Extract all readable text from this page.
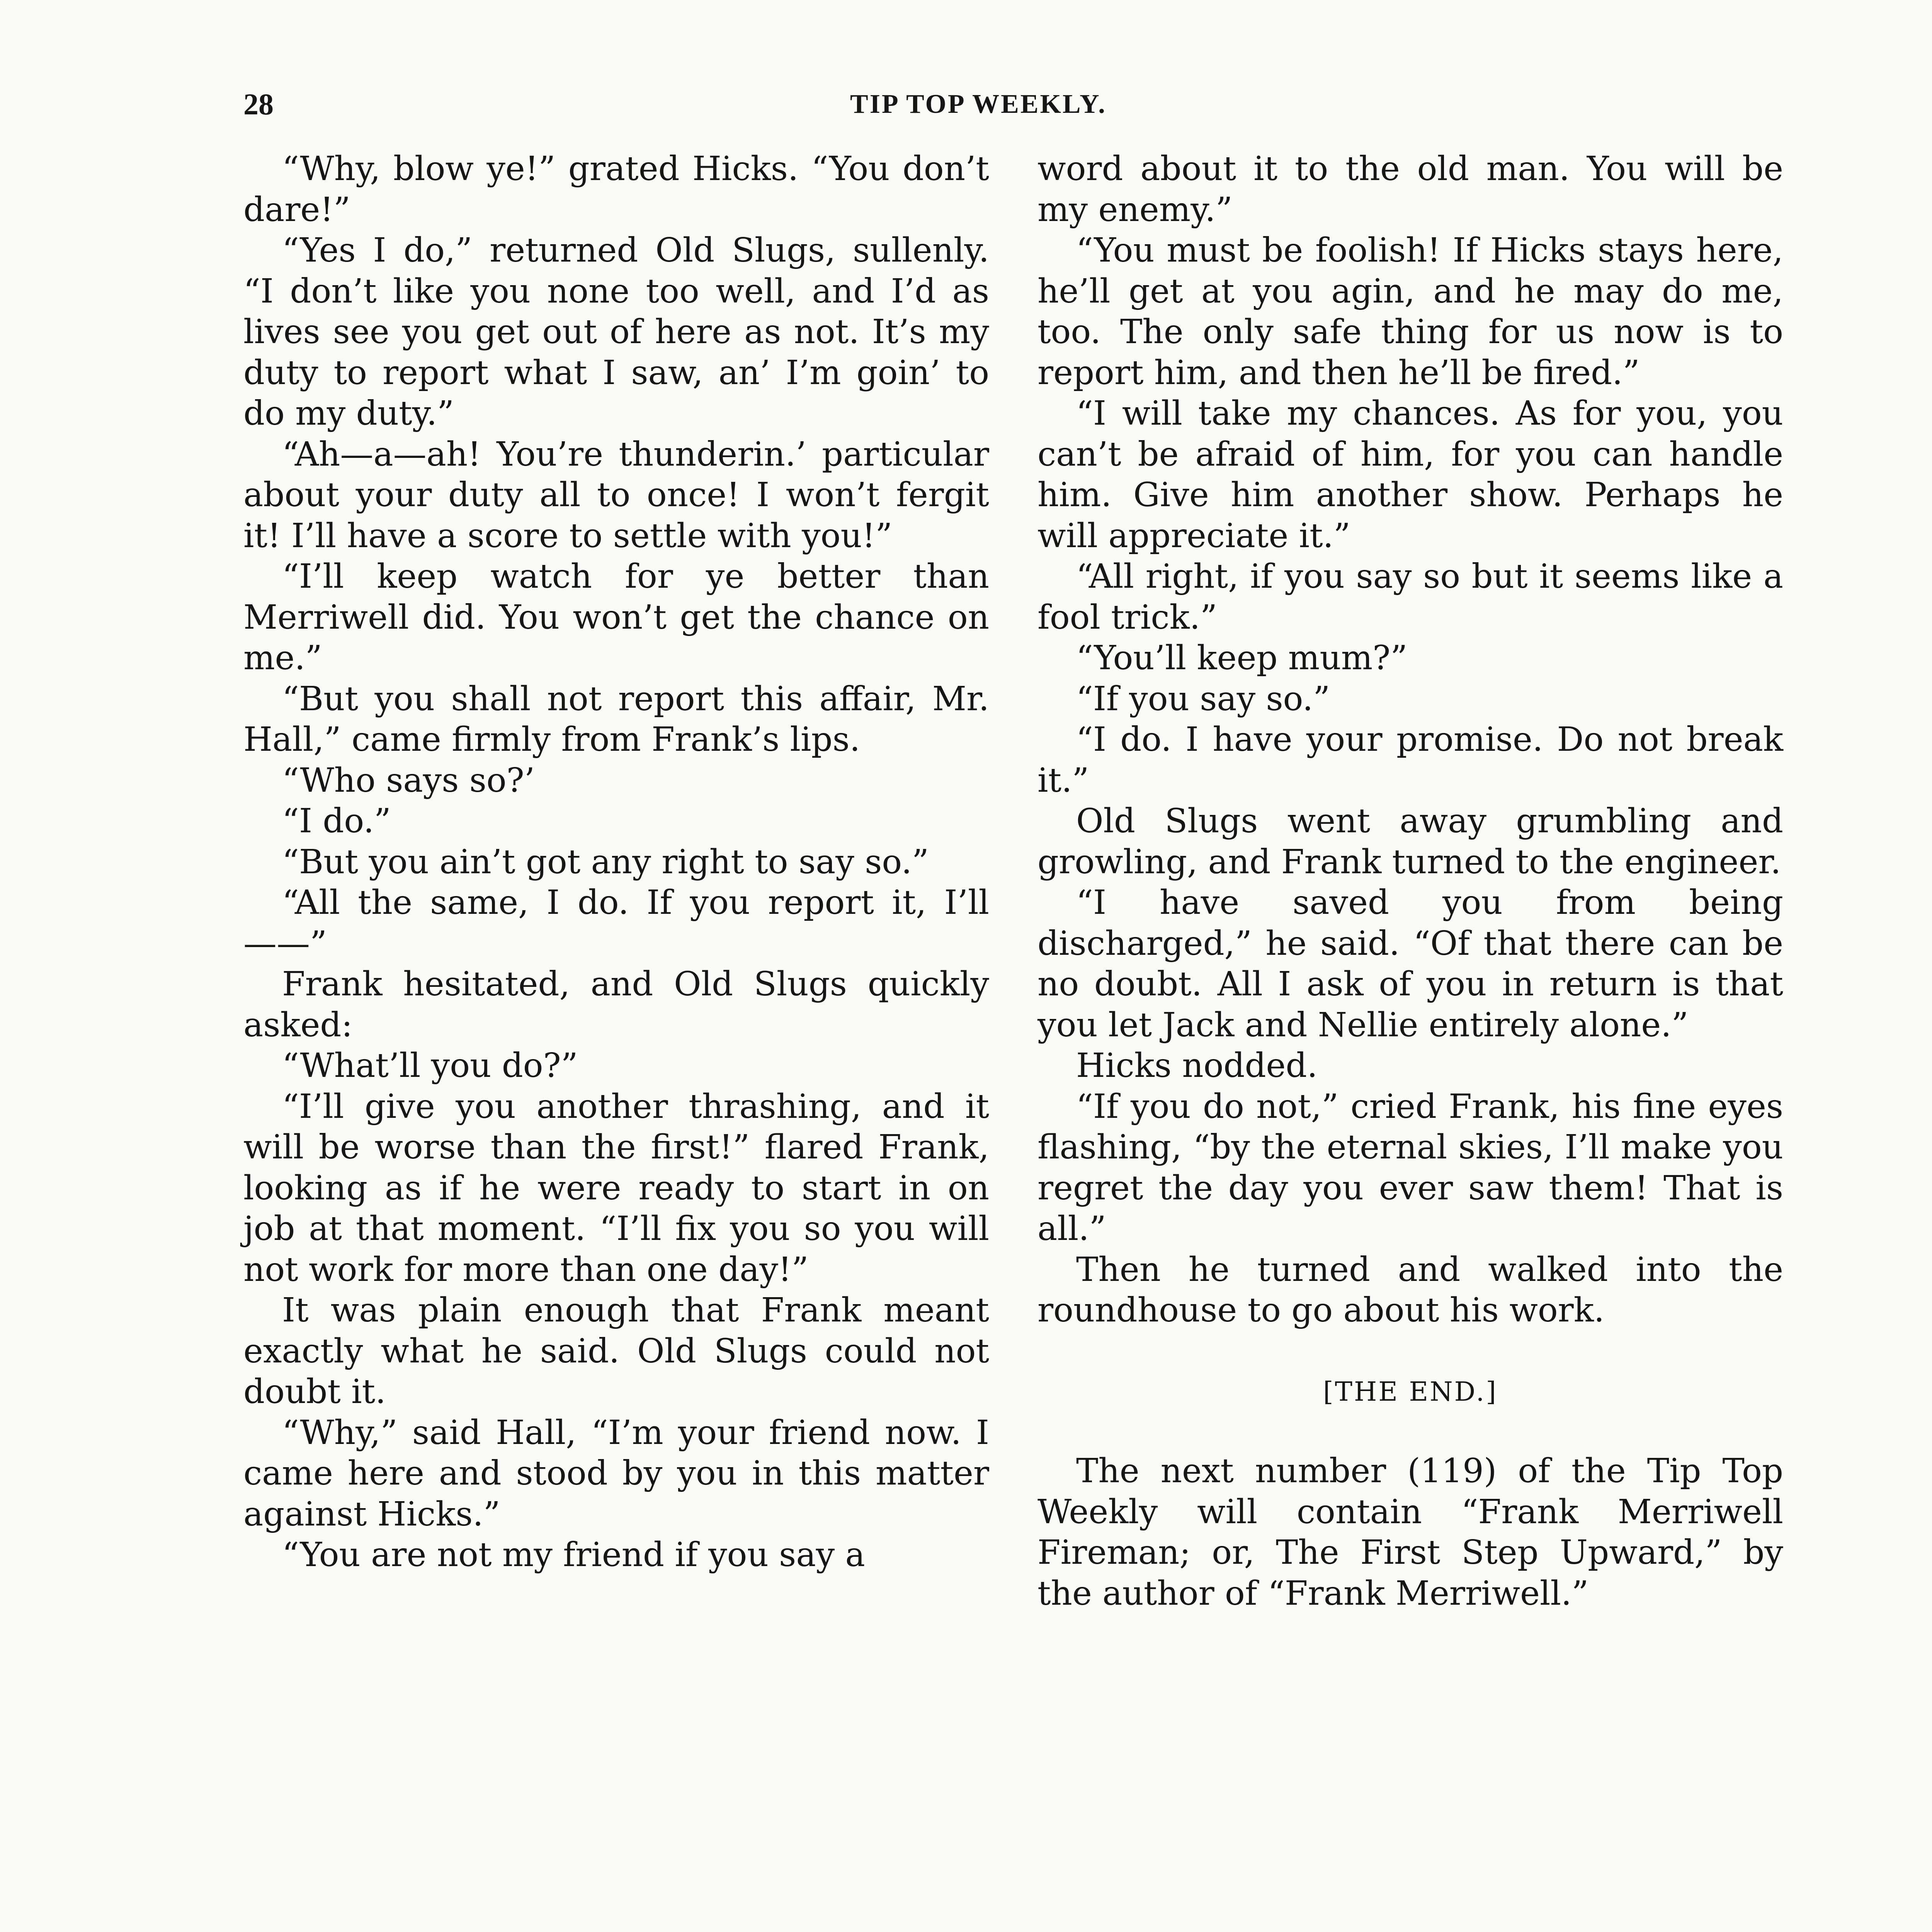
28	TIP TOP WEEKLY.

“Why, blow ye!” grated Hicks. “You don’t dare!”

“Yes I do,” returned Old Slugs, sullenly. “I don’t like you none too well, and I’d as lives see you get out of here as not. It’s my duty to report what I saw, an’ I’m goin’ to do my duty.”

“Ah—a—ah! You’re thunderin.’ particular about your duty all to once! I won’t fergit it! I’ll have a score to settle with you!”

“I’ll keep watch for ye better than Merriwell did. You won’t get the chance on me.”

“But you shall not report this affair, Mr. Hall,” came firmly from Frank’s lips.

“Who says so?’

“I do.”

“But you ain’t got any right to say so.”

“All the same, I do. If you report it, I’ll——”

Frank hesitated, and Old Slugs quickly asked:

“What’ll you do?”

“I’ll give you another thrashing, and it will be worse than the first!” flared Frank, looking as if he were ready to start in on job at that moment. “I’ll fix you so you will not work for more than one day!”

It was plain enough that Frank meant exactly what he said. Old Slugs could not doubt it.

“Why,” said Hall, “I’m your friend now. I came here and stood by you in this matter against Hicks.”

“You are not my friend if you say a

word about it to the old man. You will be my enemy.”

“You must be foolish! If Hicks stays here, he’ll get at you agin, and he may do me, too. The only safe thing for us now is to report him, and then he’ll be fired.”

“I will take my chances. As for you, you can’t be afraid of him, for you can handle him. Give him another show. Perhaps he will appreciate it.”

“All right, if you say so but it seems like a fool trick.”

“You’ll keep mum?”

“If you say so.”

“I do. I have your promise. Do not break it.”

Old Slugs went away grumbling and growling, and Frank turned to the engineer.

“I have saved you from being discharged,” he said. “Of that there can be no doubt. All I ask of you in return is that you let Jack and Nellie entirely alone.”

Hicks nodded.

“If you do not,” cried Frank, his fine eyes flashing, “by the eternal skies, I’ll make you regret the day you ever saw them! That is all.”

Then he turned and walked into the roundhouse to go about his work.

[THE END.]

The next number (119) of the Tip Top Weekly will contain “Frank Merriwell Fireman; or, The First Step Upward,” by the author of “Frank Merriwell.”
